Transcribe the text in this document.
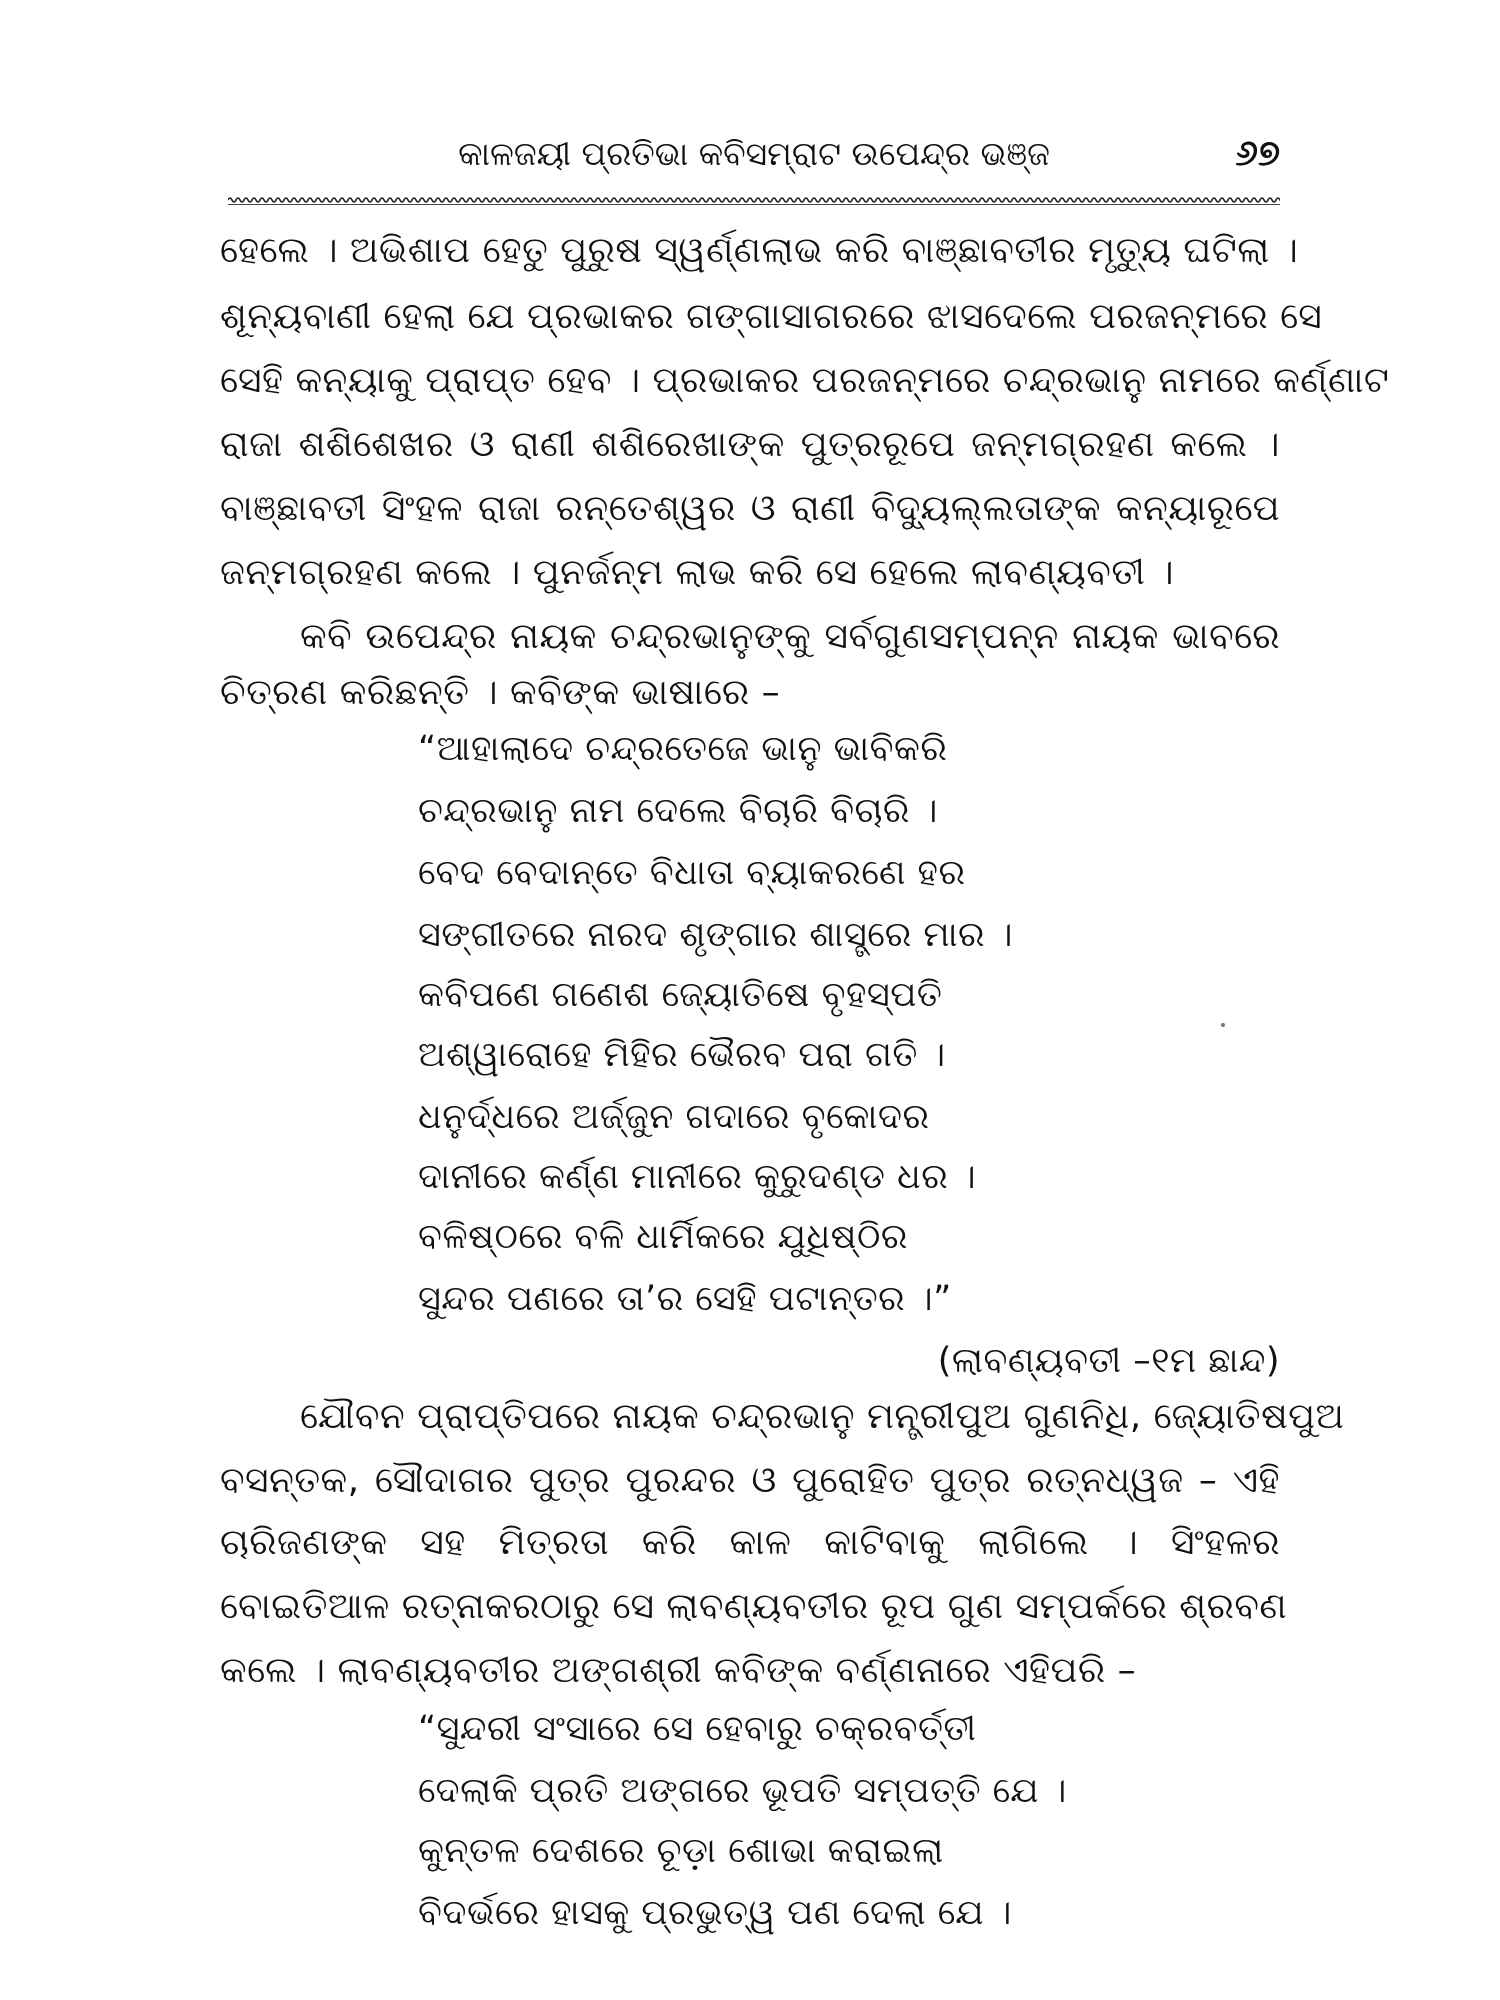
କାଳଜୟୀ ପ୍ରତିଭା କବିସମ୍ରାଟ ଉପେନ୍ଦ୍ର ଭଞ୍ଜ	୬୭
ହେଲେ । ଅଭିଶାପ ହେତୁ ପୁରୁଷ ସ୍ୱର୍ଣ୍ଣଲାଭ କରି ବାଞ୍ଛାବତୀର ମୃତ୍ୟୁ ଘଟିଲା ।
ଶୂନ୍ୟବାଣୀ ହେଲା ଯେ ପ୍ରଭାକର ଗଙ୍ଗାସାଗରରେ ଝାସଦେଲେ ପରଜନ୍ମରେ ସେ
ସେହି କନ୍ୟାକୁ ପ୍ରାପ୍ତ ହେବ । ପ୍ରଭାକର ପରଜନ୍ମରେ ଚନ୍ଦ୍ରଭାନୁ ନାମରେ କର୍ଣ୍ଣାଟ
ରାଜା ଶଶିଶେଖର ଓ ରାଣୀ ଶଶିରେଖାଙ୍କ ପୁତ୍ରରୂପେ ଜନ୍ମଗ୍ରହଣ କଲେ ।
ବାଞ୍ଛାବତୀ ସିଂହଳ ରାଜା ରନ୍ତେଶ୍ୱର ଓ ରାଣୀ ବିଦ୍ୟୁଲ୍ଲତାଙ୍କ କନ୍ୟାରୂପେ
ଜନ୍ମଗ୍ରହଣ କଲେ । ପୁନର୍ଜନ୍ମ ଲାଭ କରି ସେ ହେଲେ ଲାବଣ୍ୟବତୀ ।
କବି ଉପେନ୍ଦ୍ର ନାୟକ ଚନ୍ଦ୍ରଭାନୁଙ୍କୁ ସର୍ବଗୁଣସମ୍ପନ୍ନ ନାୟକ ଭାବରେ
ଚିତ୍ରଣ କରିଛନ୍ତି । କବିଙ୍କ ଭାଷାରେ –
“ଆହାଲାଦେ ଚନ୍ଦ୍ରତେଜେ ଭାନୁ ଭାବିକରି
ଚନ୍ଦ୍ରଭାନୁ ନାମ ଦେଲେ ବିଚାରି ବିଚାରି ।
ବେଦ ବେଦାନ୍ତେ ବିଧାତା ବ୍ୟାକରଣେ ହର
ସଙ୍ଗୀତରେ ନାରଦ ଶୃଙ୍ଗାର ଶାସ୍ତ୍ରେ ମାର ।
କବିପଣେ ଗଣେଶ ଜ୍ୟୋତିଷେ ବୃହସ୍ପତି
ଅଶ୍ୱାରୋହେ ମିହିର ଭୈରବ ପରା ଗତି ।
ଧନୁର୍ଦ୍ଧରେ ଅର୍ଜ୍ଜୁନ ଗଦାରେ ବୃକୋଦର
ଦାନୀରେ କର୍ଣ୍ଣ ମାନୀରେ କୁରୁଦଣ୍ଡ ଧର ।
ବଳିଷ୍ଠରେ ବଳି ଧାର୍ମିକରେ ଯୁଧିଷ୍ଠିର
ସୁନ୍ଦର ପଣରେ ତା’ର ସେହି ପଟାନ୍ତର ।”
(ଲାବଣ୍ୟବତୀ –୧ମ ଛାନ୍ଦ)
ଯୌବନ ପ୍ରାପ୍ତିପରେ ନାୟକ ଚନ୍ଦ୍ରଭାନୁ ମନ୍ତ୍ରୀପୁଅ ଗୁଣନିଧି, ଜ୍ୟୋତିଷପୁଅ
ବସନ୍ତକ, ସୌଦାଗର ପୁତ୍ର ପୁରନ୍ଦର ଓ ପୁରୋହିତ ପୁତ୍ର ରତ୍ନଧ୍ୱଜ – ଏହି
ଚାରିଜଣଙ୍କ ସହ ମିତ୍ରତା କରି କାଳ କାଟିବାକୁ ଲାଗିଲେ । ସିଂହଳର
ବୋଇତିଆଳ ରତ୍ନାକରଠାରୁ ସେ ଲାବଣ୍ୟବତୀର ରୂପ ଗୁଣ ସମ୍ପର୍କରେ ଶ୍ରବଣ
କଲେ । ଲାବଣ୍ୟବତୀର ଅଙ୍ଗଶ୍ରୀ କବିଙ୍କ ବର୍ଣ୍ଣନାରେ ଏହିପରି –
“ସୁନ୍ଦରୀ ସଂସାରେ ସେ ହେବାରୁ ଚକ୍ରବର୍ତ୍ତୀ
ଦେଲାକି ପ୍ରତି ଅଙ୍ଗରେ ଭୂପତି ସମ୍ପତ୍ତି ଯେ ।
କୁନ୍ତଳ ଦେଶରେ ଚୂଡ଼ା ଶୋଭା କରାଇଲା
ବିଦର୍ଭରେ ହାସକୁ ପ୍ରଭୁତ୍ୱ ପଣ ଦେଲା ଯେ ।
